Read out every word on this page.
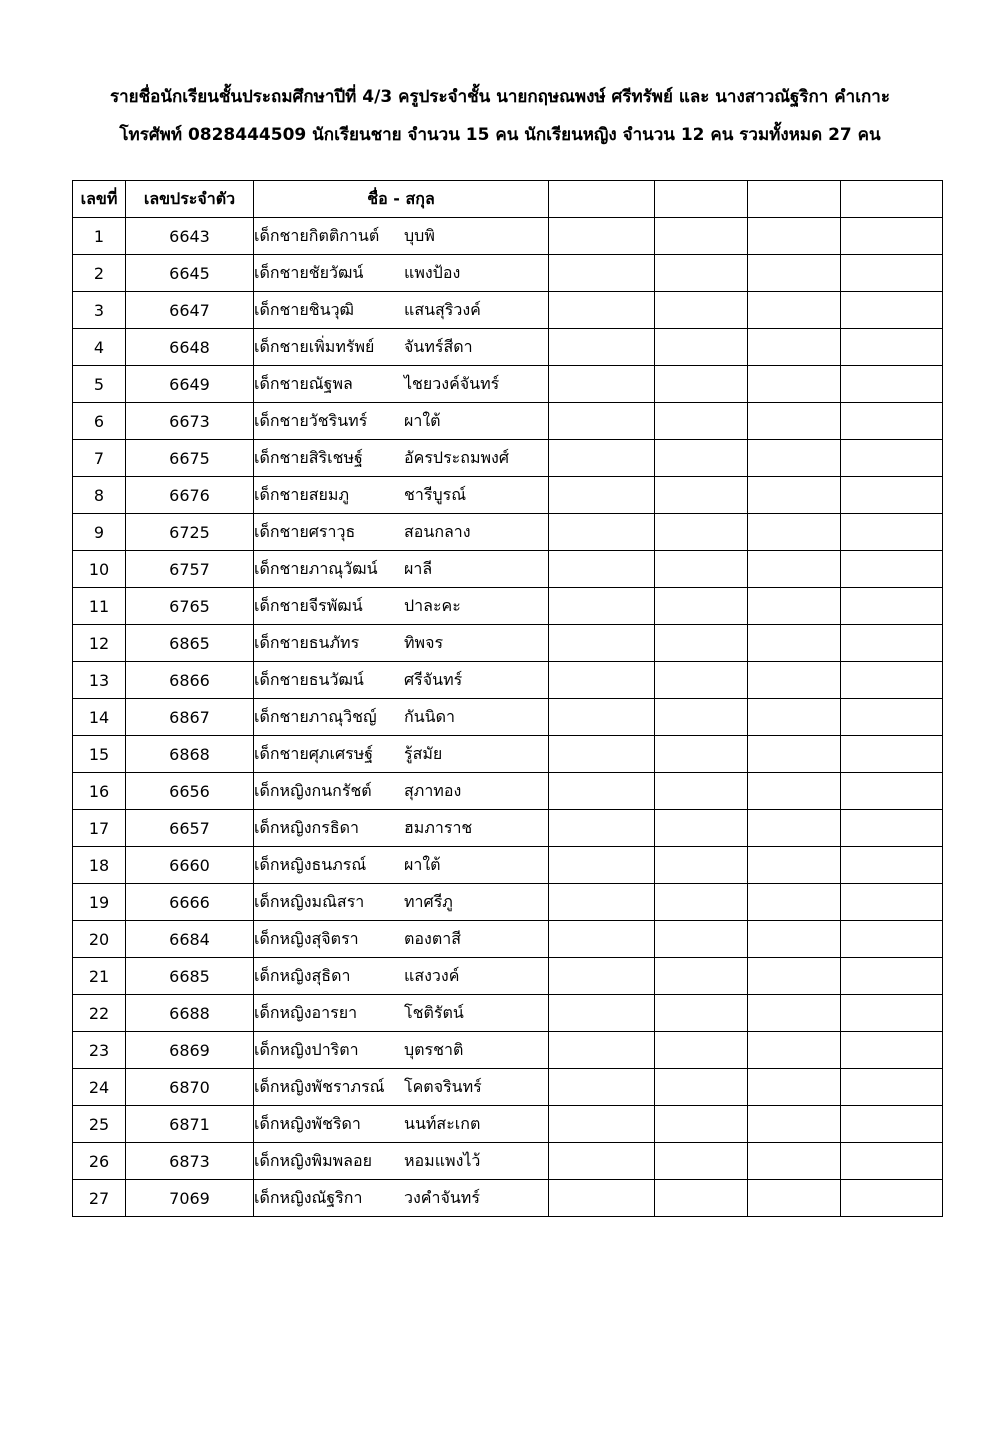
รายชื่อนักเรียนชั้นประถมศึกษาปีที่ 4/3 ครูประจำชั้น นายกฤษณพงษ์ ศรีทรัพย์ และ นางสาวณัฐริกา คำเกาะ
โทรศัพท์ 0828444509 นักเรียนชาย จำนวน 15 คน นักเรียนหญิง จำนวน 12 คน รวมทั้งหมด 27 คน
เลขที่	เลขประจำตัว	ชื่อ - สกุล				
1	6643	เด็กชายกิตติกานต์ บุบพิ				
2	6645	เด็กชายชัยวัฒน์ แพงป้อง				
3	6647	เด็กชายชินวุฒิ แสนสุริวงค์				
4	6648	เด็กชายเพิ่มทรัพย์ จันทร์สีดา				
5	6649	เด็กชายณัฐพล ไชยวงค์จันทร์				
6	6673	เด็กชายวัชรินทร์ ผาใต้				
7	6675	เด็กชายสิริเชษฐ์ อัครประถมพงศ์				
8	6676	เด็กชายสยมภู ชารีบูรณ์				
9	6725	เด็กชายศราวุธ สอนกลาง				
10	6757	เด็กชายภาณุวัฒน์ ผาลี				
11	6765	เด็กชายจีรพัฒน์ ปาละคะ				
12	6865	เด็กชายธนภัทร ทิพจร				
13	6866	เด็กชายธนวัฒน์ ศรีจันทร์				
14	6867	เด็กชายภาณุวิชญ์ กันนิดา				
15	6868	เด็กชายศุภเศรษฐ์ รู้สมัย				
16	6656	เด็กหญิงกนกรัชต์ สุภาทอง				
17	6657	เด็กหญิงกรธิดา ฮมภาราช				
18	6660	เด็กหญิงธนภรณ์ ผาใต้				
19	6666	เด็กหญิงมณิสรา ทาศรีภู				
20	6684	เด็กหญิงสุจิตรา ตองตาสี				
21	6685	เด็กหญิงสุธิดา แสงวงค์				
22	6688	เด็กหญิงอารยา โชติรัตน์				
23	6869	เด็กหญิงปาริตา บุตรชาติ				
24	6870	เด็กหญิงพัชราภรณ์ โคตจรินทร์				
25	6871	เด็กหญิงพัชริดา นนท์สะเกต				
26	6873	เด็กหญิงพิมพลอย หอมแพงไว้				
27	7069	เด็กหญิงณัฐริกา วงคำจันทร์				
